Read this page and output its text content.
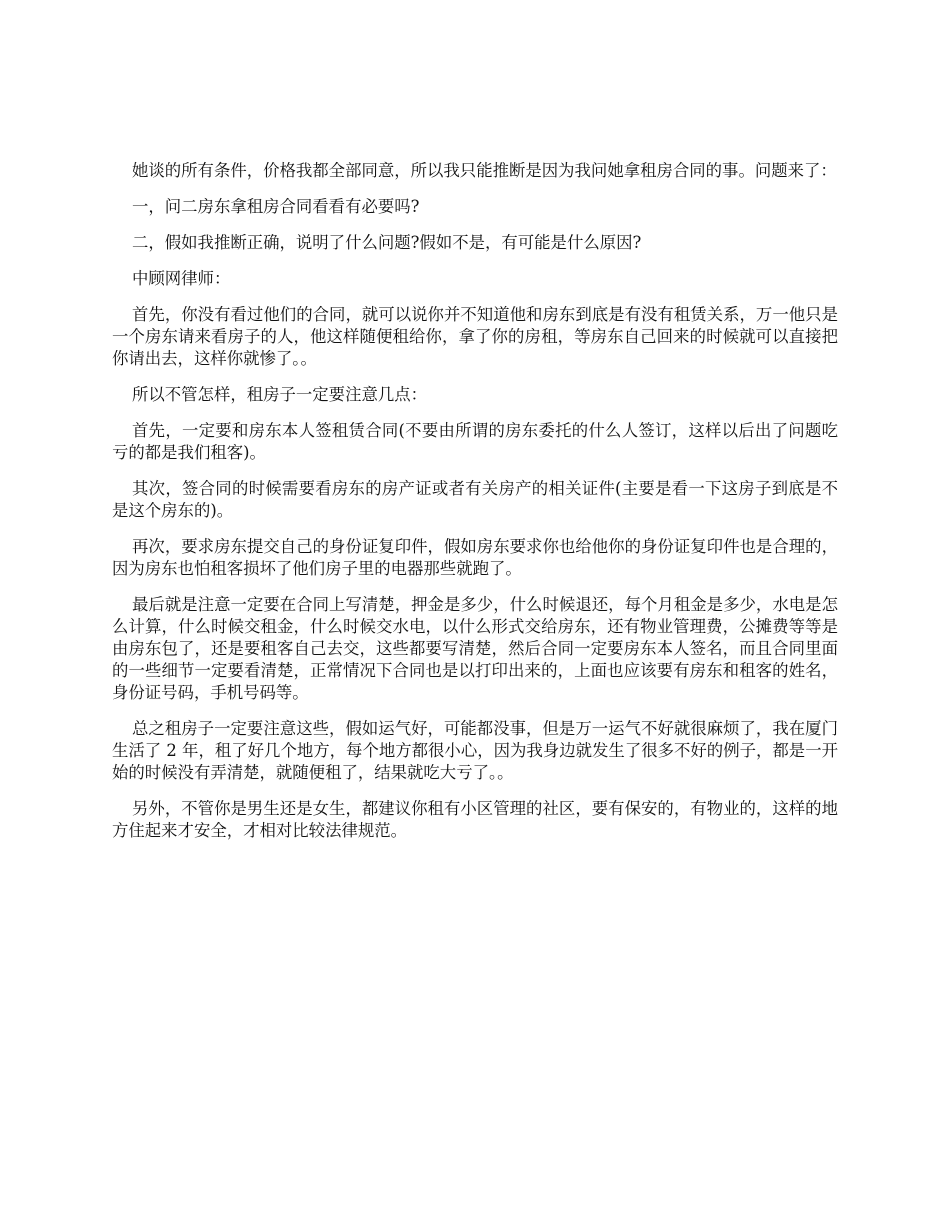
她谈的所有条件，价格我都全部同意，所以我只能推断是因为我问她拿租房合同的事。问题来了：

一，问二房东拿租房合同看看有必要吗?

二，假如我推断正确，说明了什么问题?假如不是，有可能是什么原因?

中顾网律师：

首先，你没有看过他们的合同，就可以说你并不知道他和房东到底是有没有租赁关系，万一他只是一个房东请来看房子的人，他这样随便租给你，拿了你的房租，等房东自己回来的时候就可以直接把你请出去，这样你就惨了。。

所以不管怎样，租房子一定要注意几点：

首先，一定要和房东本人签租赁合同(不要由所谓的房东委托的什么人签订，这样以后出了问题吃亏的都是我们租客)。

其次，签合同的时候需要看房东的房产证或者有关房产的相关证件(主要是看一下这房子到底是不是这个房东的)。

再次，要求房东提交自己的身份证复印件，假如房东要求你也给他你的身份证复印件也是合理的，因为房东也怕租客损坏了他们房子里的电器那些就跑了。

最后就是注意一定要在合同上写清楚，押金是多少，什么时候退还，每个月租金是多少，水电是怎么计算，什么时候交租金，什么时候交水电，以什么形式交给房东，还有物业管理费，公摊费等等是由房东包了，还是要租客自己去交，这些都要写清楚，然后合同一定要房东本人签名，而且合同里面的一些细节一定要看清楚，正常情况下合同也是以打印出来的，上面也应该要有房东和租客的姓名，身份证号码，手机号码等。

总之租房子一定要注意这些，假如运气好，可能都没事，但是万一运气不好就很麻烦了，我在厦门生活了 2 年，租了好几个地方，每个地方都很小心，因为我身边就发生了很多不好的例子，都是一开始的时候没有弄清楚，就随便租了，结果就吃大亏了。。

另外，不管你是男生还是女生，都建议你租有小区管理的社区，要有保安的，有物业的，这样的地方住起来才安全，才相对比较法律规范。
